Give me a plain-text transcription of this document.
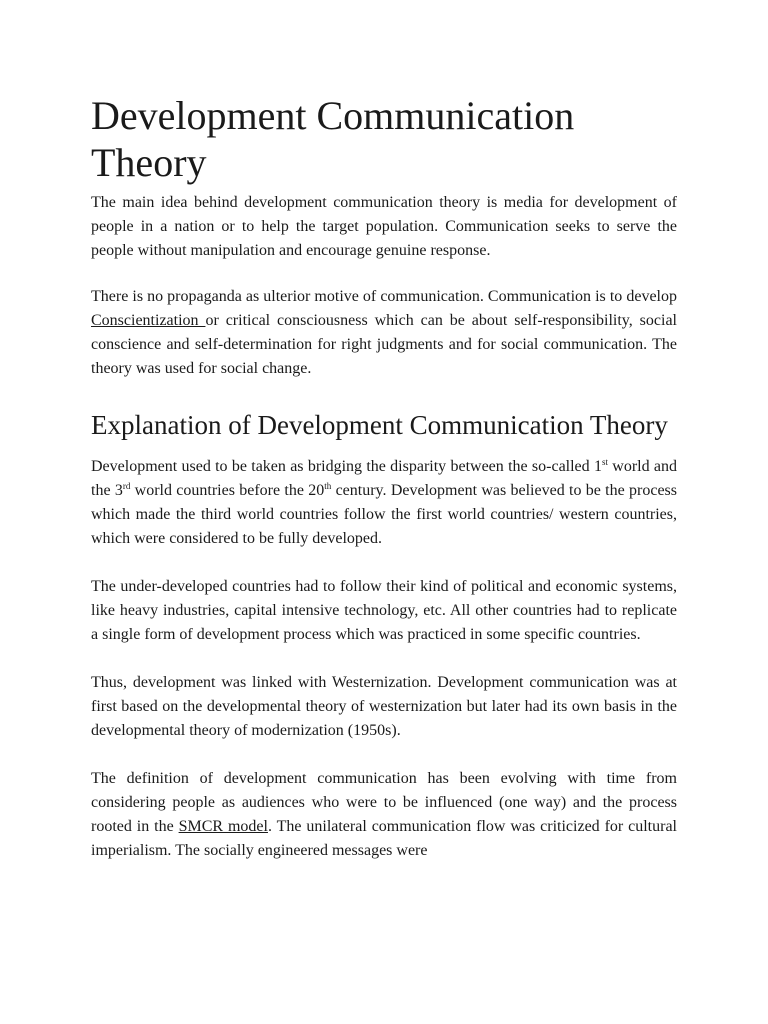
Development Communication Theory

The main idea behind development communication theory is media for development of people in a nation or to help the target population. Communication seeks to serve the people without manipulation and encourage genuine response.

There is no propaganda as ulterior motive of communication. Communication is to develop Conscientization or critical consciousness which can be about self-responsibility, social conscience and self-determination for right judgments and for social communication. The theory was used for social change.

Explanation of Development Communication Theory

Development used to be taken as bridging the disparity between the so-called 1st world and the 3rd world countries before the 20th century. Development was believed to be the process which made the third world countries follow the first world countries/ western countries, which were considered to be fully developed.

The under-developed countries had to follow their kind of political and economic systems, like heavy industries, capital intensive technology, etc. All other countries had to replicate a single form of development process which was practiced in some specific countries.

Thus, development was linked with Westernization. Development communication was at first based on the developmental theory of westernization but later had its own basis in the developmental theory of modernization (1950s).

The definition of development communication has been evolving with time from considering people as audiences who were to be influenced (one way) and the process rooted in the SMCR model. The unilateral communication flow was criticized for cultural imperialism. The socially engineered messages were
